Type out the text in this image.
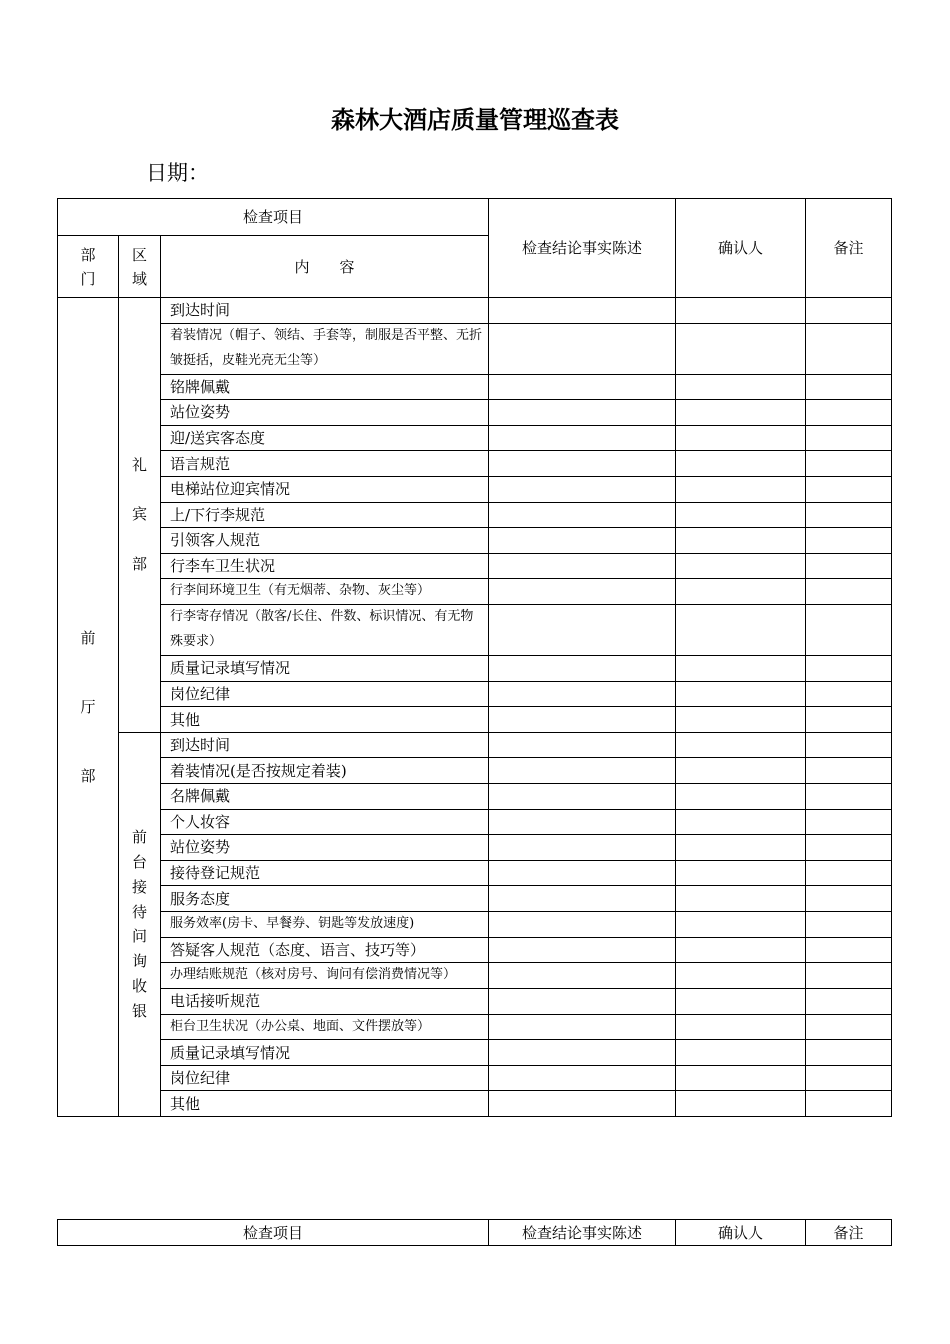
森林大酒店质量管理巡查表
日期：
检查项目			检查结论事实陈述	确认人	备注

部门	区域	内　　容			

前厅部	礼宾部	到达时间			
		着装情况（帽子、领结、手套等，制服是否平整、无折皱挺括，皮鞋光亮无尘等）			
		铭牌佩戴			
		站位姿势			
		迎/送宾客态度			
		语言规范			
		电梯站位迎宾情况			
		上/下行李规范			
		引领客人规范			
		行李车卫生状况			
		行李间环境卫生（有无烟蒂、杂物、灰尘等）			
		行李寄存情况（散客/长住、件数、标识情况、有无物殊要求）			
		质量记录填写情况			
		岗位纪律			
		其他			

	前台接待问询收银	到达时间			
		着装情况(是否按规定着装)			
		名牌佩戴			
		个人妆容			
		站位姿势			
		接待登记规范			
		服务态度			
		服务效率(房卡、早餐券、钥匙等发放速度)			
		答疑客人规范（态度、语言、技巧等）			
		办理结账规范（核对房号、询问有偿消费情况等）			
		电话接听规范			
		柜台卫生状况（办公桌、地面、文件摆放等）			
		质量记录填写情况			
		岗位纪律			
		其他			
检查项目	检查结论事实陈述	确认人	备注
